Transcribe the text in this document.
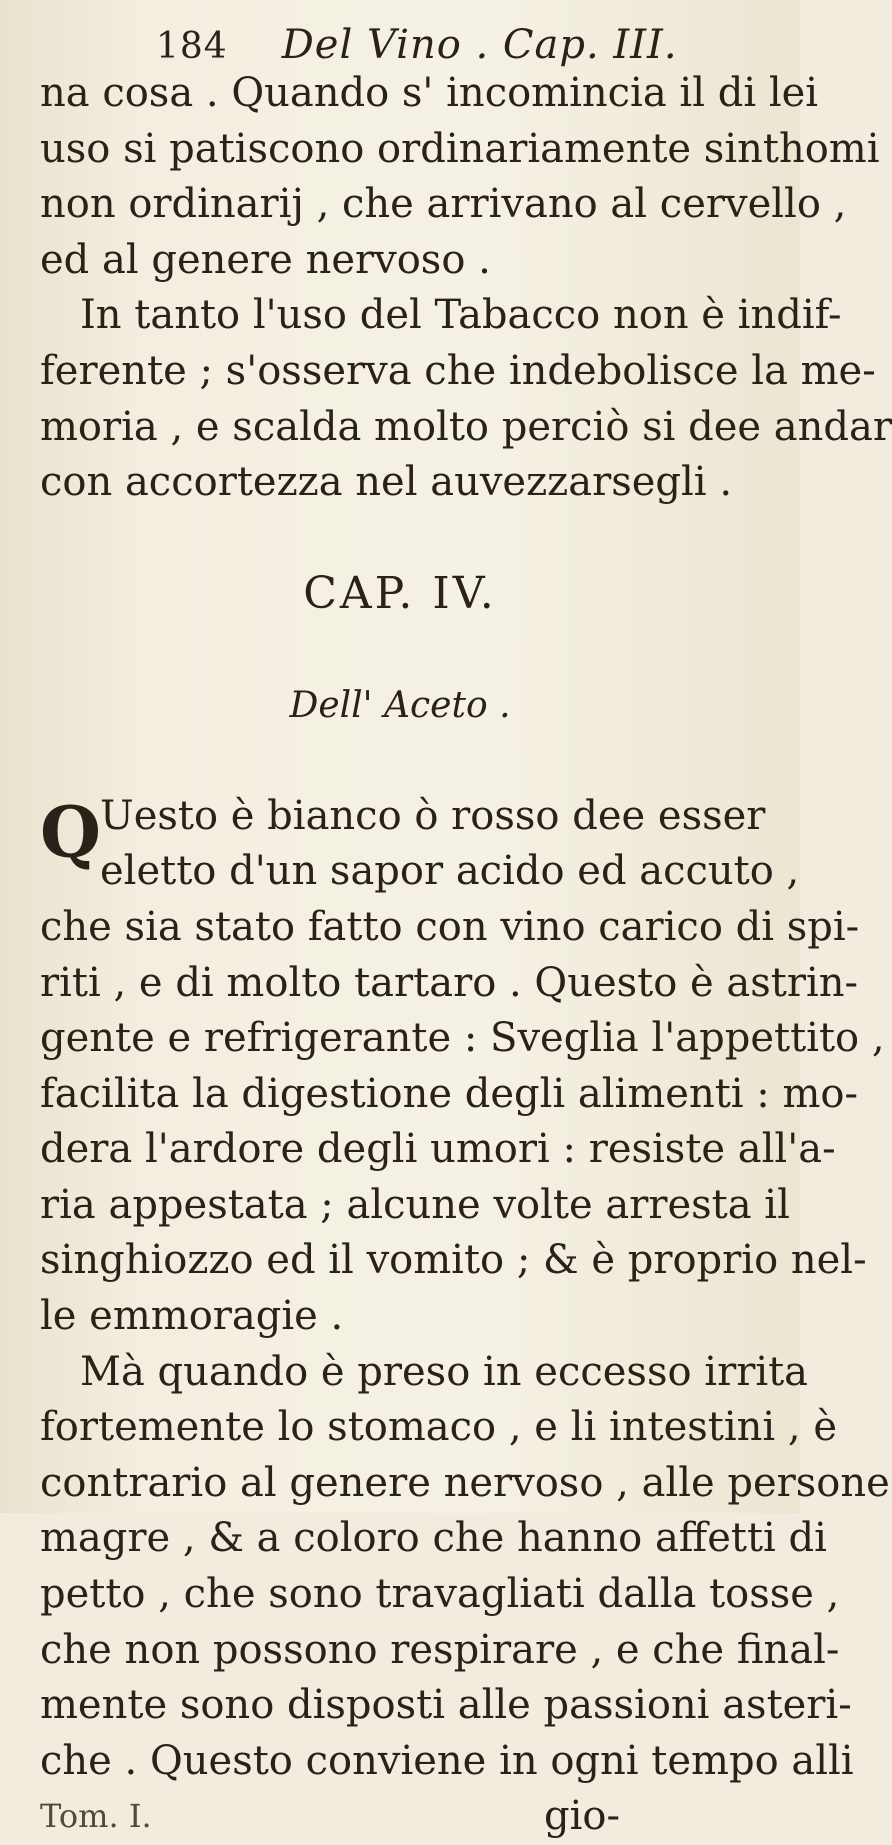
184 Del Vino . Cap. III.
na cosa . Quando s' incomincia il di lei
uso si patiscono ordinariamente sinthomi
non ordinarij , che arrivano al cervello ,
ed al genere nervoso .
In tanto l'uso del Tabacco non è indif-
ferente ; s'osserva che indebolisce la me-
moria , e scalda molto perciò si dee andar
con accortezza nel auvezzarsegli .
CAP. IV.
Dell' Aceto .
Q Uesto è bianco ò rosso dee esser
eletto d'un sapor acido ed accuto ,
che sia stato fatto con vino carico di spi-
riti , e di molto tartaro . Questo è astrin-
gente e refrigerante : Sveglia l'appettito ,
facilita la digestione degli alimenti : mo-
dera l'ardore degli umori : resiste all'a-
ria appestata ; alcune volte arresta il
singhiozzo ed il vomito ; & è proprio nel-
le emmoragie .
Mà quando è preso in eccesso irrita
fortemente lo stomaco , e li intestini , è
contrario al genere nervoso , alle persone
magre , & a coloro che hanno affetti di
petto , che sono travagliati dalla tosse ,
che non possono respirare , e che final-
mente sono disposti alle passioni asteri-
che . Questo conviene in ogni tempo alli
Tom. I.	gio-
